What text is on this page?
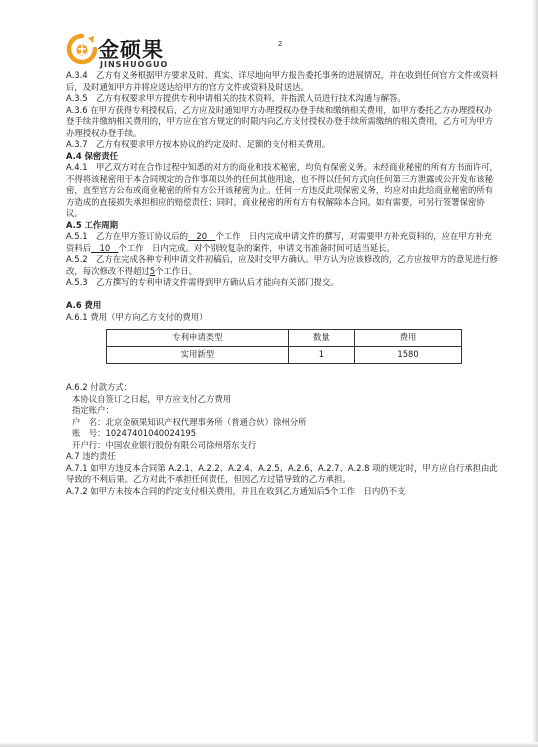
金硕果
JINSHUOGUO
2

A.3.4　乙方有义务根据甲方要求及时、真实、详尽地向甲方报告委托事务的进展情况，并在收到任何官方文件或资料后，及时通知甲方并将应送达给甲方的官方文件或资料及时送达。

A.3.5　乙方有权要求甲方提供专利申请相关的技术资料，并指派人员进行技术沟通与解答。

A.3.6 在甲方获得专利授权后，乙方应及时通知甲方办理授权办登手续和缴纳相关费用，如甲方委托乙方办理授权办登手续并缴纳相关费用的，甲方应在官方规定的时限内向乙方支付授权办登手续所需缴纳的相关费用，乙方可为甲方办理授权办登手续。

A.3.7　乙方有权要求甲方按本协议的约定及时、足额的支付相关费用。

A.4 保密责任

A.4.1　甲乙双方对在合作过程中知悉的对方的商业和技术秘密，均负有保密义务。未经商业秘密的所有方书面许可，不得将该秘密用于本合同规定的合作事项以外的任何其他用途，也不得以任何方式向任何第三方泄露或公开发布该秘密，直至官方公布或商业秘密的所有方公开该秘密为止。任何一方违反此项保密义务，均应对由此给商业秘密的所有方造成的直接损失承担相应的赔偿责任；同时，商业秘密的所有方有权解除本合同。如有需要，可另行签署保密协议。

A.5 工作周期

A.5.1　乙方在甲方签订协议后的　20　个工作　日内完成申请文件的撰写，对需要甲方补充资料的，应在甲方补充资料后　10　个工作　日内完成。对个别较复杂的案件，申请文书准备时间可适当延长。

A.5.2　乙方在完成各种专利申请文件初稿后，应及时交甲方确认。甲方认为应该修改的，乙方应按甲方的意见进行修改，每次修改不得超过5个工作日。

A.5.3　乙方撰写的专利申请文件需得到甲方确认后才能向有关部门提交。

A.6 费用

A.6.1 费用（甲方向乙方支付的费用）

专利申请类型	数量	费用
实用新型	1	1580

A.6.2 付款方式：

本协议自签订之日起，甲方应支付乙方费用

指定账户：

户　名：北京金硕果知识产权代理事务所（普通合伙）徐州分所

账　号：10247401040024195

开户行：中国农业银行股份有限公司徐州塔东支行

A.7 违约责任

A.7.1 如甲方违反本合同第 A.2.1、A.2.2、A.2.4、A.2.5、A.2.6、A.2.7、A.2.8 项的规定时，甲方应自行承担由此导致的不利后果。乙方对此不承担任何责任，但因乙方过错导致的乙方承担。

A.7.2 如甲方未按本合同的约定支付相关费用，并且在收到乙方通知后5个工作　日内仍不支
